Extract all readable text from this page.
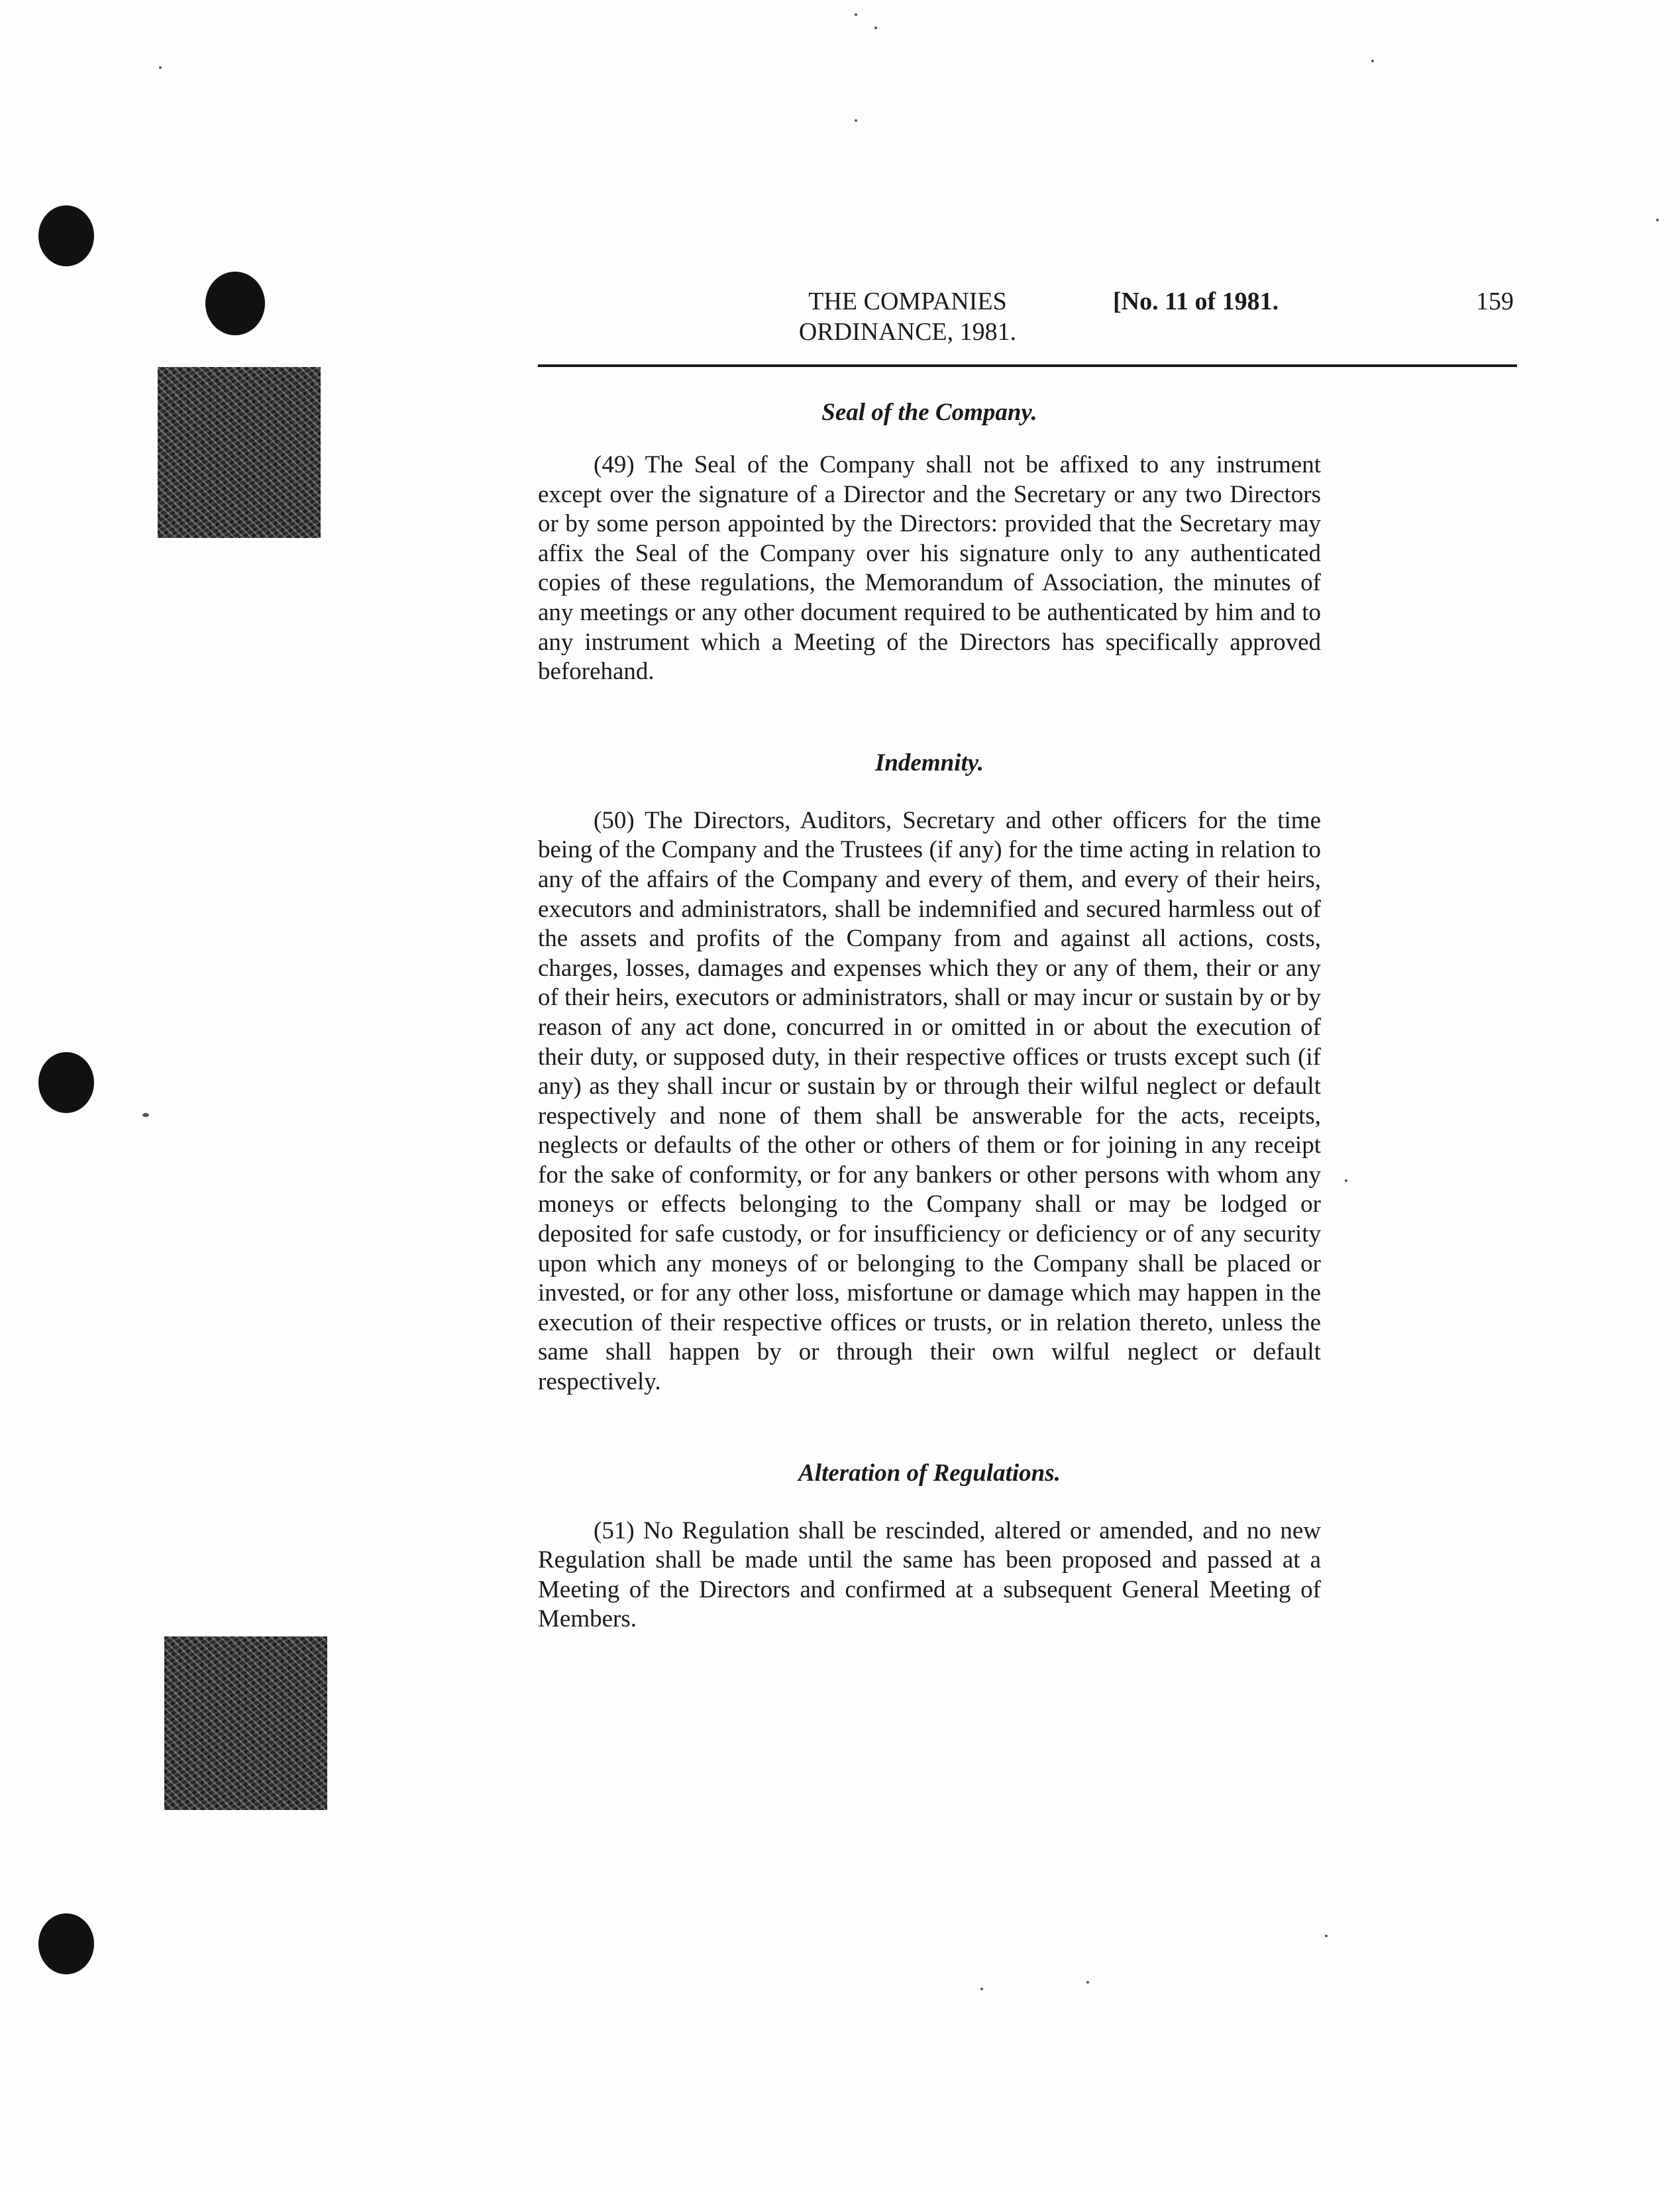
THE COMPANIES
ORDINANCE, 1981.
[No. 11 of 1981.	159
Seal of the Company.

(49) The Seal of the Company shall not be affixed to any instrument except over the signature of a Director and the Secretary or any two Directors or by some person appointed by the Directors: provided that the Secretary may affix the Seal of the Company over his signature only to any authenticated copies of these regulations, the Memorandum of Association, the minutes of any meetings or any other document required to be authenticated by him and to any instrument which a Meeting of the Directors has specifically approved beforehand.

Indemnity.

(50) The Directors, Auditors, Secretary and other officers for the time being of the Company and the Trustees (if any) for the time acting in relation to any of the affairs of the Company and every of them, and every of their heirs, executors and administrators, shall be indemnified and secured harmless out of the assets and profits of the Company from and against all actions, costs, charges, losses, damages and expenses which they or any of them, their or any of their heirs, executors or administrators, shall or may incur or sustain by or by reason of any act done, concurred in or omitted in or about the execution of their duty, or supposed duty, in their respective offices or trusts except such (if any) as they shall incur or sustain by or through their wilful neglect or default respectively and none of them shall be answerable for the acts, receipts, neglects or defaults of the other or others of them or for joining in any receipt for the sake of conformity, or for any bankers or other persons with whom any moneys or effects belonging to the Company shall or may be lodged or deposited for safe custody, or for insufficiency or deficiency or of any security upon which any moneys of or belonging to the Company shall be placed or invested, or for any other loss, misfortune or damage which may happen in the execution of their respective offices or trusts, or in relation thereto, unless the same shall happen by or through their own wilful neglect or default respectively.

Alteration of Regulations.

(51) No Regulation shall be rescinded, altered or amended, and no new Regulation shall be made until the same has been proposed and passed at a Meeting of the Directors and confirmed at a subsequent General Meeting of Members.
